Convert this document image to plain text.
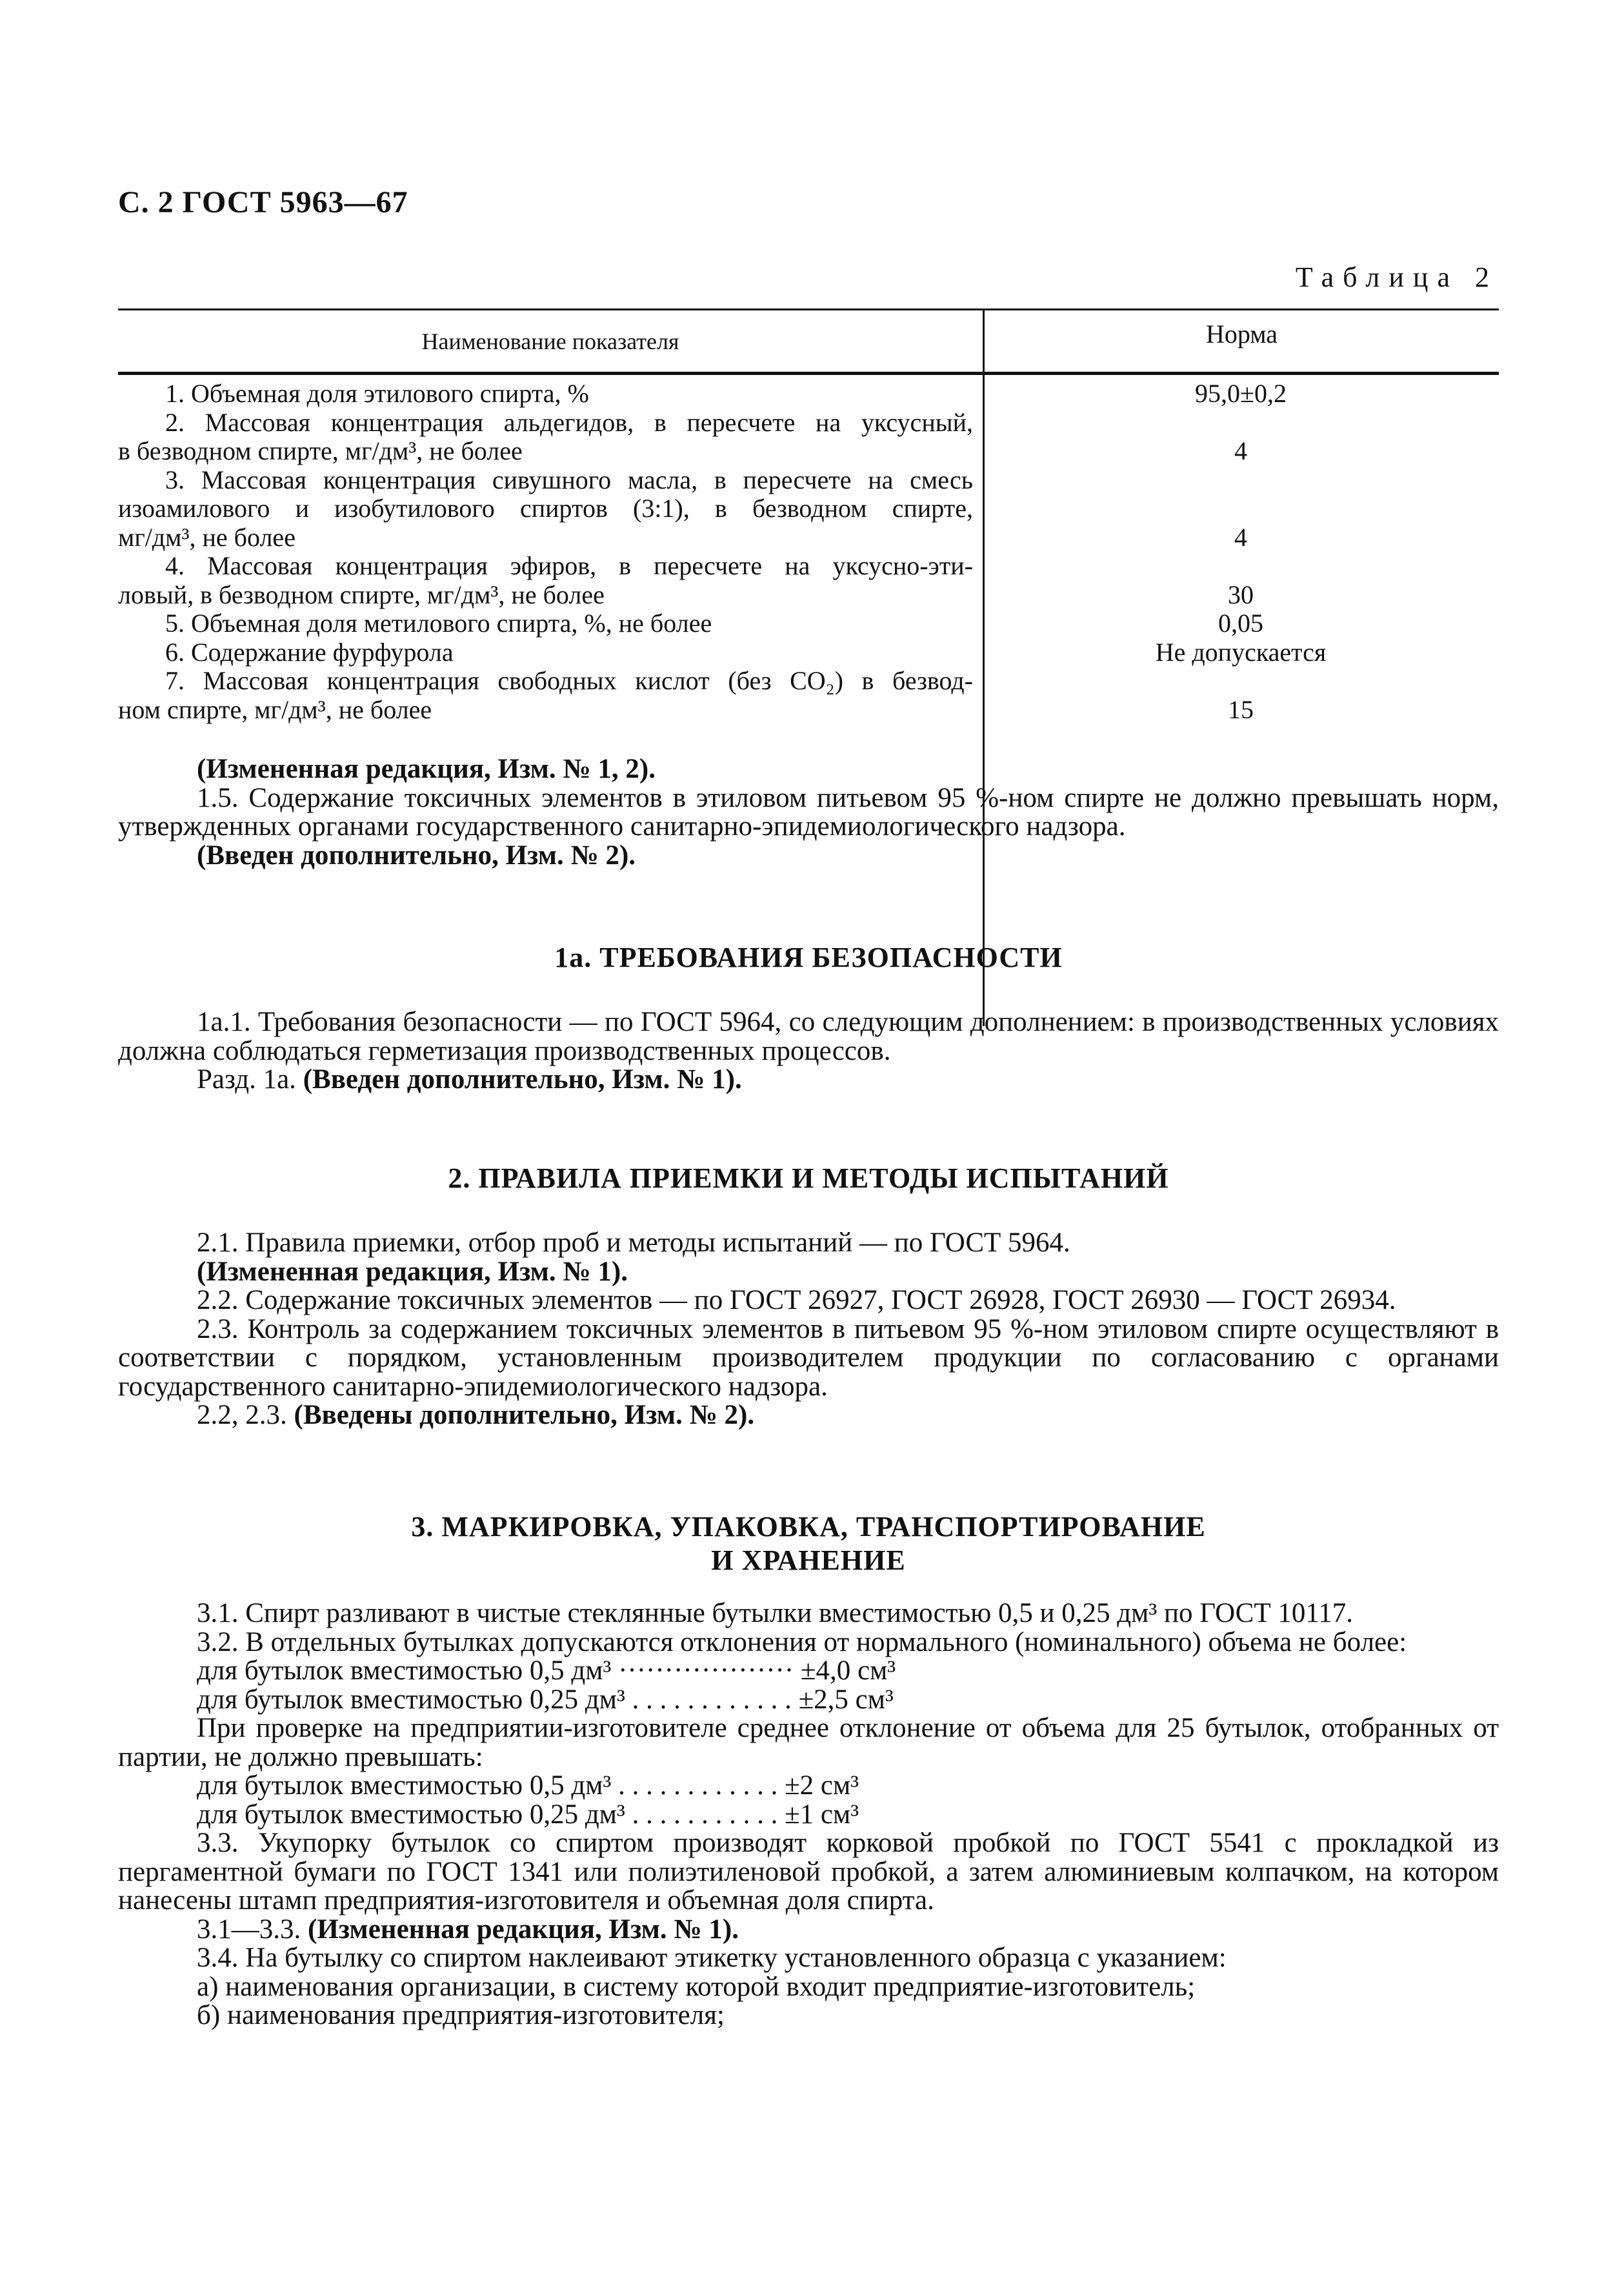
С. 2 ГОСТ 5963—67
Таблица 2
Наименование показателя	Норма
1. Объемная доля этилового спирта, %	95,0±0,2
2. Массовая концентрация альдегидов, в пересчете на уксусный,
в безводном спирте, мг/дм³, не более	4
3. Массовая концентрация сивушного масла, в пересчете на смесь
изоамилового и изобутилового спиртов (3:1), в безводном спирте,
мг/дм³, не более	4
4. Массовая концентрация эфиров, в пересчете на уксусно-эти-
ловый, в безводном спирте, мг/дм³, не более	30
5. Объемная доля метилового спирта, %, не более	0,05
6. Содержание фурфурола	Не допускается
7. Массовая концентрация свободных кислот (без CO₂) в безвод-
ном спирте, мг/дм³, не более	15

(Измененная редакция, Изм. № 1, 2).

1.5. Содержание токсичных элементов в этиловом питьевом 95 %-ном спирте не должно превышать норм, утвержденных органами государственного санитарно-эпидемиологического надзора.

(Введен дополнительно, Изм. № 2).

1а. ТРЕБОВАНИЯ БЕЗОПАСНОСТИ

1а.1. Требования безопасности — по ГОСТ 5964, со следующим дополнением: в производственных условиях должна соблюдаться герметизация производственных процессов.

Разд. 1а. (Введен дополнительно, Изм. № 1).

2. ПРАВИЛА ПРИЕМКИ И МЕТОДЫ ИСПЫТАНИЙ

2.1. Правила приемки, отбор проб и методы испытаний — по ГОСТ 5964.

(Измененная редакция, Изм. № 1).

2.2. Содержание токсичных элементов — по ГОСТ 26927, ГОСТ 26928, ГОСТ 26930 — ГОСТ 26934.

2.3. Контроль за содержанием токсичных элементов в питьевом 95 %-ном этиловом спирте осуществляют в соответствии с порядком, установленным производителем продукции по согласованию с органами государственного санитарно-эпидемиологического надзора.

2.2, 2.3. (Введены дополнительно, Изм. № 2).

3. МАРКИРОВКА, УПАКОВКА, ТРАНСПОРТИРОВАНИЕ

И ХРАНЕНИЕ

3.1. Спирт разливают в чистые стеклянные бутылки вместимостью 0,5 и 0,25 дм³ по ГОСТ 10117.

3.2. В отдельных бутылках допускаются отклонения от нормального (номинального) объема не более:

для бутылок вместимостью 0,5 дм³ ··················· ±4,0 см³

для бутылок вместимостью 0,25 дм³ . . . . . . . . . . . . ±2,5 см³

При проверке на предприятии-изготовителе среднее отклонение от объема для 25 бутылок, отобранных от партии, не должно превышать:

для бутылок вместимостью 0,5 дм³ . . . . . . . . . . . . ±2 см³

для бутылок вместимостью 0,25 дм³ . . . . . . . . . . . ±1 см³

3.3. Укупорку бутылок со спиртом производят корковой пробкой по ГОСТ 5541 с прокладкой из пергаментной бумаги по ГОСТ 1341 или полиэтиленовой пробкой, а затем алюминиевым колпачком, на котором нанесены штамп предприятия-изготовителя и объемная доля спирта.

3.1—3.3. (Измененная редакция, Изм. № 1).

3.4. На бутылку со спиртом наклеивают этикетку установленного образца с указанием:

а) наименования организации, в систему которой входит предприятие-изготовитель;

б) наименования предприятия-изготовителя;
